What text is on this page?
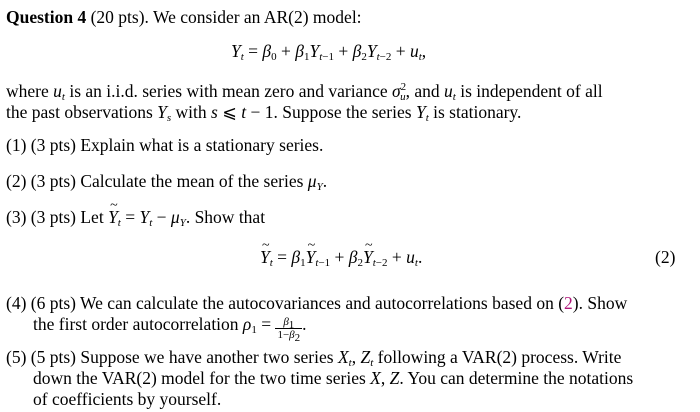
Question 4 (20 pts). We consider an AR(2) model:
$Y_t = \beta_0 + \beta_1Y_{t-1} + \beta_2Y_{t-2} + u_t$,
where $u_t$ is an i.i.d. series with mean zero and variance $\sigma^2_u$, and $u_t$ is independent of all
the past observations $Y_s$ with s ⩽ t − 1. Suppose the series $Y_t$ is stationary.
(1) (3 pts) Explain what is a stationary series.
(2) (3 pts) Calculate the mean of the series $\mu_Y$.
(3) (3 pts) Let ~ $Y_t = Y_t - \mu_Y$. Show that
~ $Y_t$ = $\beta_1\sim$ $Y_{t-1}$ + $\beta_2\sim$ $Y_{t-2} + u_t$.	(2)
(4) (6 pts) We can calculate the autocovariances and autocorrelations based on (2). Show
the first order autocorrelation $\rho_1 = \frac{\beta_1}{1-\beta_2}$ .
(5) (5 pts) Suppose we have another two series $X_t$, $Z_t$ following a VAR(2) process. Write
down the VAR(2) model for the two time series X, Z. You can determine the notations
of coefficients by yourself.
